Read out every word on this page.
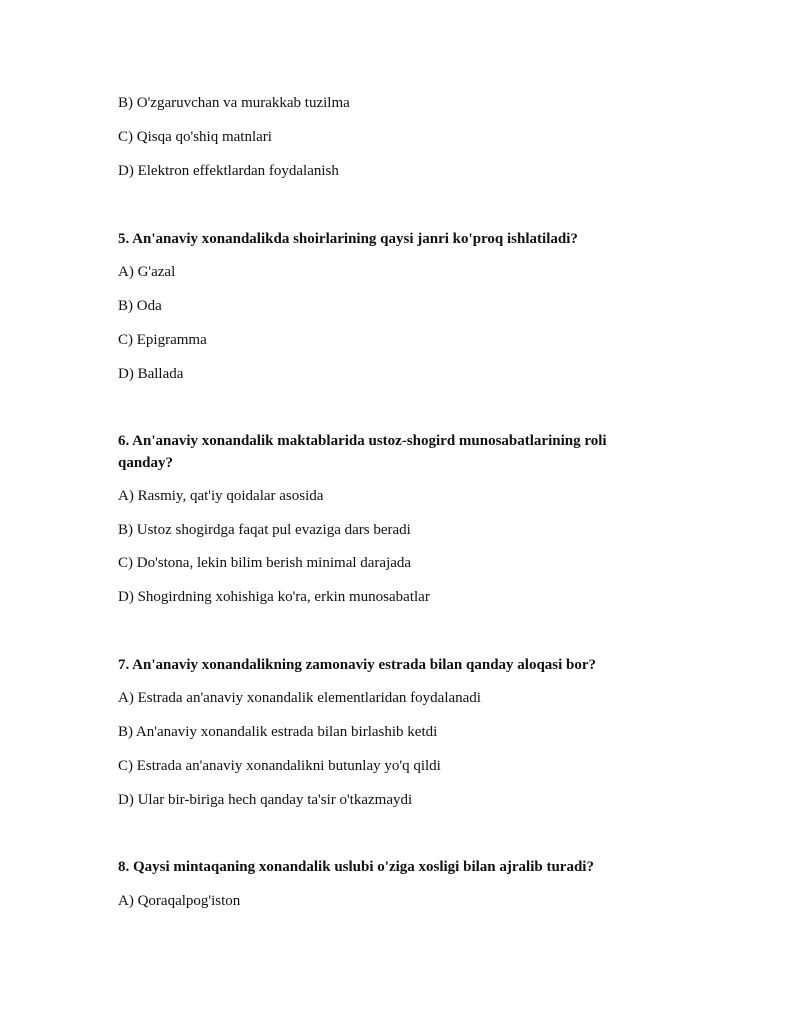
B) O'zgaruvchan va murakkab tuzilma
C) Qisqa qo'shiq matnlari
D) Elektron effektlardan foydalanish
5. An'anaviy xonandalikda shoirlarining qaysi janri ko'proq ishlatiladi?
A) G'azal
B) Oda
C) Epigramma
D) Ballada
6. An'anaviy xonandalik maktablarida ustoz-shogird munosabatlarining roli
qanday?
A) Rasmiy, qat'iy qoidalar asosida
B) Ustoz shogirdga faqat pul evaziga dars beradi
C) Do'stona, lekin bilim berish minimal darajada
D) Shogirdning xohishiga ko'ra, erkin munosabatlar
7. An'anaviy xonandalikning zamonaviy estrada bilan qanday aloqasi bor?
A) Estrada an'anaviy xonandalik elementlaridan foydalanadi
B) An'anaviy xonandalik estrada bilan birlashib ketdi
C) Estrada an'anaviy xonandalikni butunlay yo'q qildi
D) Ular bir-biriga hech qanday ta'sir o'tkazmaydi
8. Qaysi mintaqaning xonandalik uslubi o'ziga xosligi bilan ajralib turadi?
A) Qoraqalpog'iston
